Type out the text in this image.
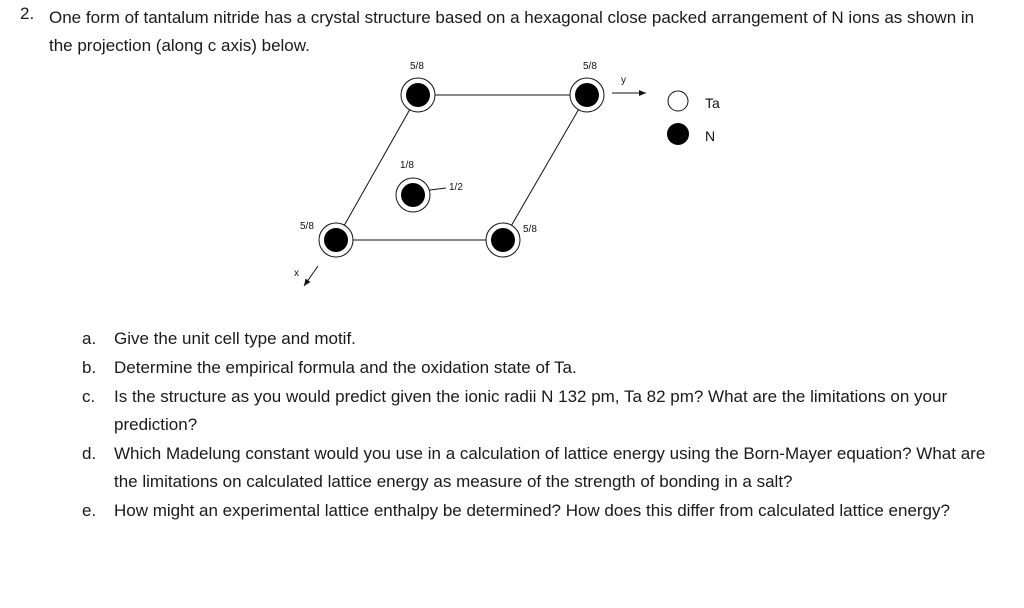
2. One form of tantalum nitride has a crystal structure based on a hexagonal close packed arrangement of N ions as shown in the projection (along c axis) below.

5/8	5/8
1/8
1/2
5/8	5/8
x
y
Ta
N
a. Give the unit cell type and motif.
b. Determine the empirical formula and the oxidation state of Ta.
c. Is the structure as you would predict given the ionic radii N 132 pm, Ta 82 pm? What are the limitations on your prediction?
d. Which Madelung constant would you use in a calculation of lattice energy using the Born-Mayer equation? What are the limitations on calculated lattice energy as measure of the strength of bonding in a salt?
e. How might an experimental lattice enthalpy be determined? How does this differ from calculated lattice energy?
